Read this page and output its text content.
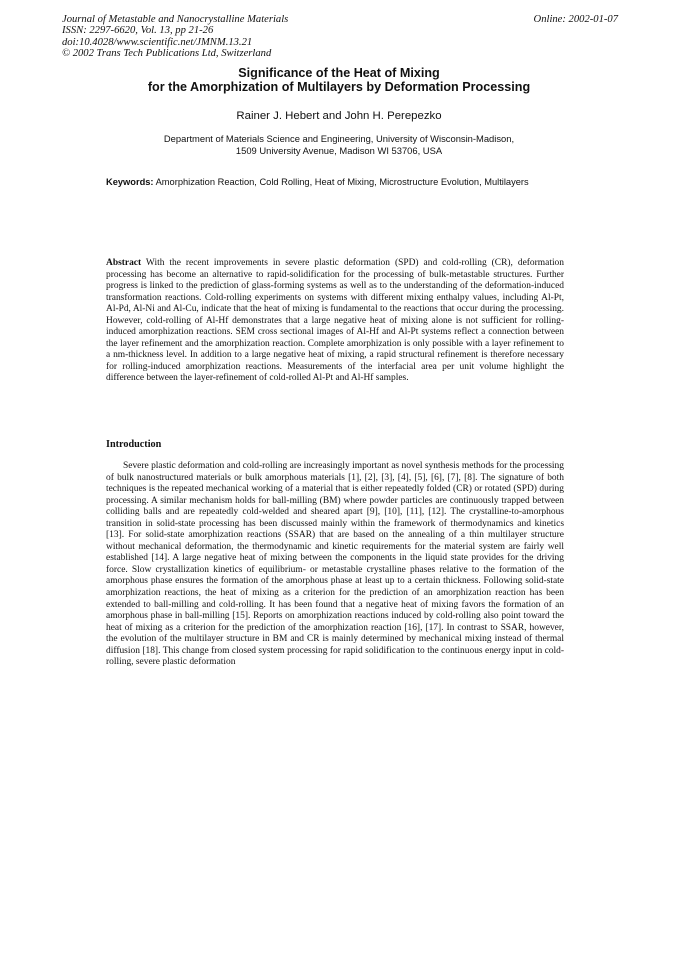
Journal of Metastable and Nanocrystalline Materials
ISSN: 2297-6620, Vol. 13, pp 21-26
doi:10.4028/www.scientific.net/JMNM.13.21
© 2002 Trans Tech Publications Ltd, Switzerland
Online: 2002-01-07
Significance of the Heat of Mixing
for the Amorphization of Multilayers by Deformation Processing
Rainer J. Hebert and John H. Perepezko
Department of Materials Science and Engineering, University of Wisconsin-Madison,
1509 University Avenue, Madison WI 53706, USA
Keywords: Amorphization Reaction, Cold Rolling, Heat of Mixing, Microstructure Evolution, Multilayers
Abstract With the recent improvements in severe plastic deformation (SPD) and cold-rolling (CR), deformation processing has become an alternative to rapid-solidification for the processing of bulk-metastable structures. Further progress is linked to the prediction of glass-forming systems as well as to the understanding of the deformation-induced transformation reactions. Cold-rolling experiments on systems with different mixing enthalpy values, including Al-Pt, Al-Pd, Al-Ni and Al-Cu, indicate that the heat of mixing is fundamental to the reactions that occur during the processing. However, cold-rolling of Al-Hf demonstrates that a large negative heat of mixing alone is not sufficient for rolling-induced amorphization reactions. SEM cross sectional images of Al-Hf and Al-Pt systems reflect a connection between the layer refinement and the amorphization reaction. Complete amorphization is only possible with a layer refinement to a nm-thickness level. In addition to a large negative heat of mixing, a rapid structural refinement is therefore necessary for rolling-induced amorphization reactions. Measurements of the interfacial area per unit volume highlight the difference between the layer-refinement of cold-rolled Al-Pt and Al-Hf samples.
Introduction
Severe plastic deformation and cold-rolling are increasingly important as novel synthesis methods for the processing of bulk nanostructured materials or bulk amorphous materials [1], [2], [3], [4], [5], [6], [7], [8]. The signature of both techniques is the repeated mechanical working of a material that is either repeatedly folded (CR) or rotated (SPD) during processing. A similar mechanism holds for ball-milling (BM) where powder particles are continuously trapped between colliding balls and are repeatedly cold-welded and sheared apart [9], [10], [11], [12]. The crystalline-to-amorphous transition in solid-state processing has been discussed mainly within the framework of thermodynamics and kinetics [13]. For solid-state amorphization reactions (SSAR) that are based on the annealing of a thin multilayer structure without mechanical deformation, the thermodynamic and kinetic requirements for the material system are fairly well established [14]. A large negative heat of mixing between the components in the liquid state provides for the driving force. Slow crystallization kinetics of equilibrium- or metastable crystalline phases relative to the formation of the amorphous phase ensures the formation of the amorphous phase at least up to a certain thickness. Following solid-state amorphization reactions, the heat of mixing as a criterion for the prediction of an amorphization reaction has been extended to ball-milling and cold-rolling. It has been found that a negative heat of mixing favors the formation of an amorphous phase in ball-milling [15]. Reports on amorphization reactions induced by cold-rolling also point toward the heat of mixing as a criterion for the prediction of the amorphization reaction [16], [17]. In contrast to SSAR, however, the evolution of the multilayer structure in BM and CR is mainly determined by mechanical mixing instead of thermal diffusion [18]. This change from closed system processing for rapid solidification to the continuous energy input in cold-rolling, severe plastic deformation
